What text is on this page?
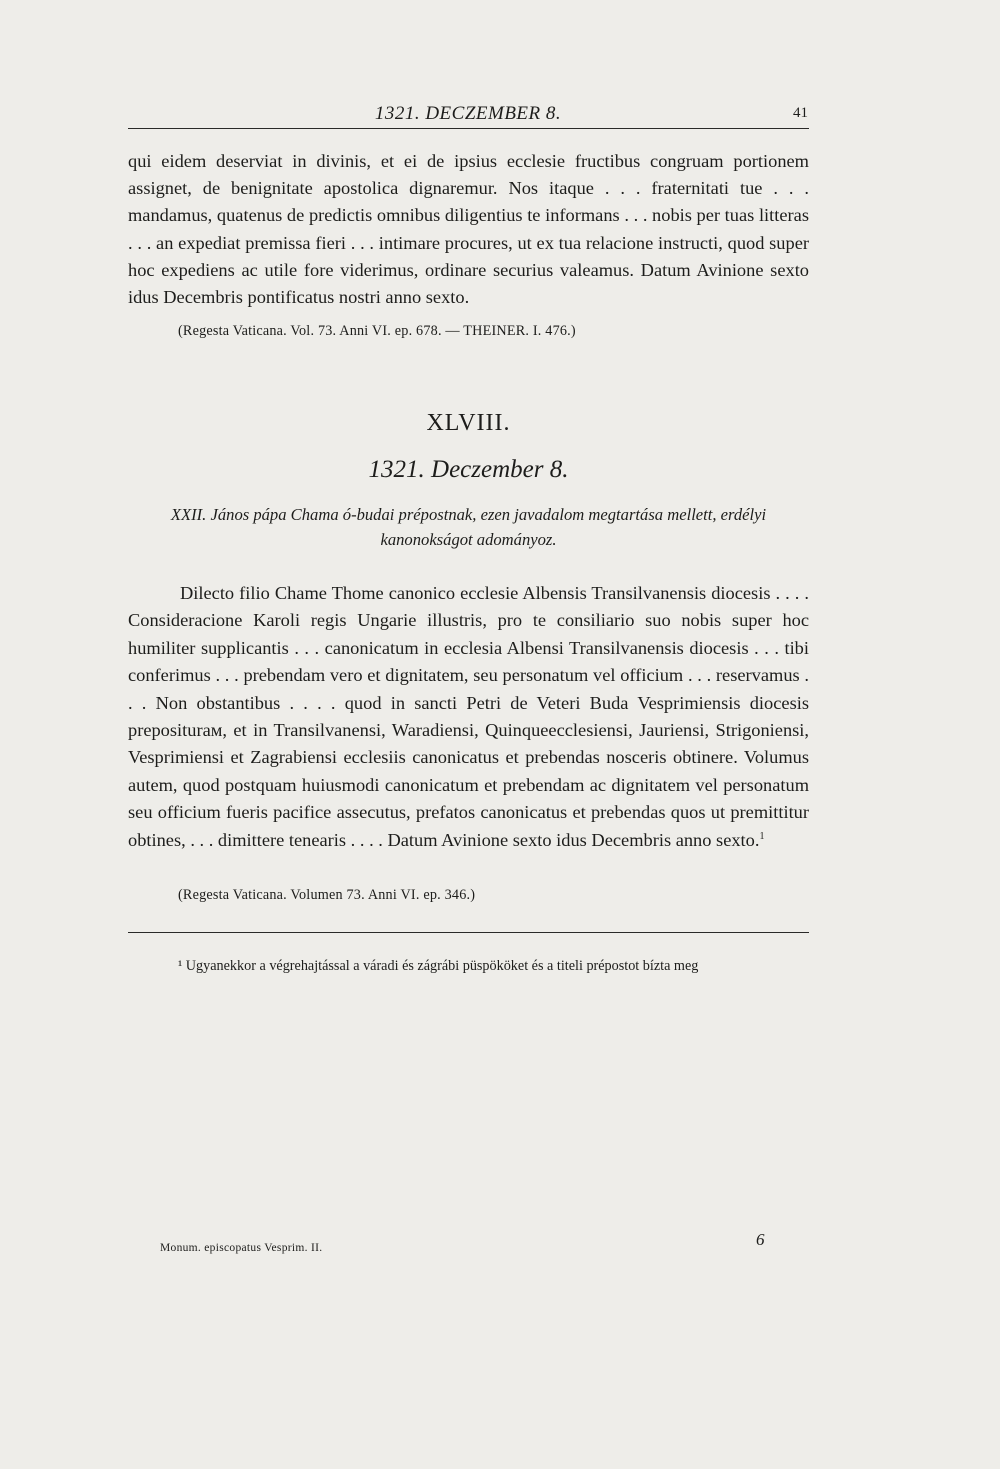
1321. DECZEMBER 8.	41
qui eidem deserviat in divinis, et ei de ipsius ecclesie fructibus congruam portionem assignet, de benignitate apostolica dignaremur. Nos itaque . . . fraternitati tue . . . mandamus, quatenus de predictis omnibus diligentius te informans . . . nobis per tuas litteras . . . an expediat premissa fieri . . . intimare procures, ut ex tua relacione instructi, quod super hoc expediens ac utile fore viderimus, ordinare securius valeamus. Datum Avinione sexto idus Decembris pontificatus nostri anno sexto.
(Regesta Vaticana. Vol. 73. Anni VI. ep. 678. — THEINER. I. 476.)
XLVIII.
1321. Deczember 8.
XXII. János pápa Chama ó-budai prépostnak, ezen javadalom megtartása mellett, erdélyi kanonokságot adományoz.
Dilecto filio Chame Thome canonico ecclesie Albensis Transilvanensis diocesis . . . . Consideracione Karoli regis Ungarie illustris, pro te consiliario suo nobis super hoc humiliter supplicantis . . . canonicatum in ecclesia Albensi Transilvanensis diocesis . . . tibi conferimus . . . prebendam vero et dignitatem, seu personatum vel officium . . . reservamus . . . Non obstantibus . . . . quod in sancti Petri de Veteri Buda Vesprimiensis diocesis prepositurам, et in Transilvanensi, Waradiensi, Quinqueecclesiensi, Jauriensi, Strigoniensi, Vesprimiensi et Zagrabiensi ecclesiis canonicatus et prebendas nosceris obtinere. Volumus autem, quod postquam huiusmodi canonicatum et prebendam ac dignitatem vel personatum seu officium fueris pacifice assecutus, prefatos canonicatus et prebendas quos ut premittitur obtines, . . . dimittere tenearis . . . . Datum Avinione sexto idus Decembris anno sexto.$^1$
(Regesta Vaticana. Volumen 73. Anni VI. ep. 346.)
¹ Ugyanekkor a végrehajtással a váradi és zágrábi püspököket és a titeli prépostot bízta meg
Monum. episcopatus Vesprim. II.	6
